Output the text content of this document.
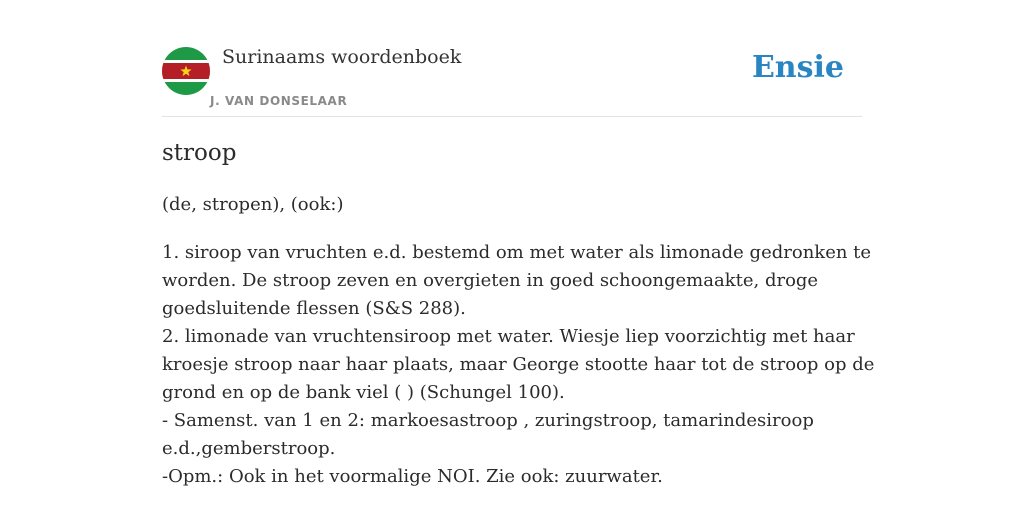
Surinaams woordenboek
J. VAN DONSELAAR
Ensie
stroop
(de, stropen), (ook:)
1. siroop van vruchten e.d. bestemd om met water als limonade gedronken te
worden. De stroop zeven en overgieten in goed schoongemaakte, droge
goedsluitende flessen (S&S 288).
2. limonade van vruchtensiroop met water. Wiesje liep voorzichtig met haar
kroesje stroop naar haar plaats, maar George stootte haar tot de stroop op de
grond en op de bank viel ( ) (Schungel 100).
- Samenst. van 1 en 2: markoesastroop , zuringstroop, tamarindesiroop
e.d.,gemberstroop.
-Opm.: Ook in het voormalige NOI. Zie ook: zuurwater.
